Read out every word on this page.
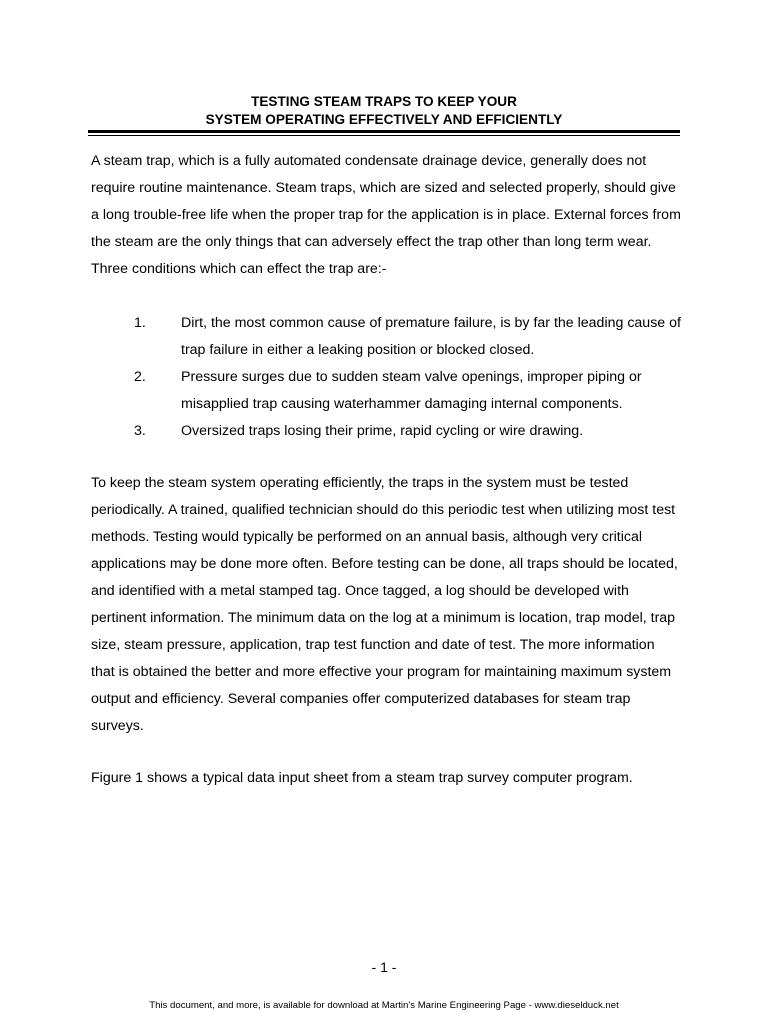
TESTING STEAM TRAPS TO KEEP YOUR
SYSTEM OPERATING EFFECTIVELY AND EFFICIENTLY

A steam trap, which is a fully automated condensate drainage device, generally does not require routine maintenance. Steam traps, which are sized and selected properly, should give a long trouble-free life when the proper trap for the application is in place. External forces from the steam are the only things that can adversely effect the trap other than long term wear. Three conditions which can effect the trap are:-

1. Dirt, the most common cause of premature failure, is by far the leading cause of trap failure in either a leaking position or blocked closed.
2. Pressure surges due to sudden steam valve openings, improper piping or misapplied trap causing waterhammer damaging internal components.
3. Oversized traps losing their prime, rapid cycling or wire drawing.

To keep the steam system operating efficiently, the traps in the system must be tested periodically. A trained, qualified technician should do this periodic test when utilizing most test methods. Testing would typically be performed on an annual basis, although very critical applications may be done more often. Before testing can be done, all traps should be located, and identified with a metal stamped tag. Once tagged, a log should be developed with pertinent information. The minimum data on the log at a minimum is location, trap model, trap size, steam pressure, application, trap test function and date of test. The more information that is obtained the better and more effective your program for maintaining maximum system output and efficiency. Several companies offer computerized databases for steam trap surveys.

Figure 1 shows a typical data input sheet from a steam trap survey computer program.

- 1 -
This document, and more, is available for download at Martin's Marine Engineering Page - www.dieselduck.net
